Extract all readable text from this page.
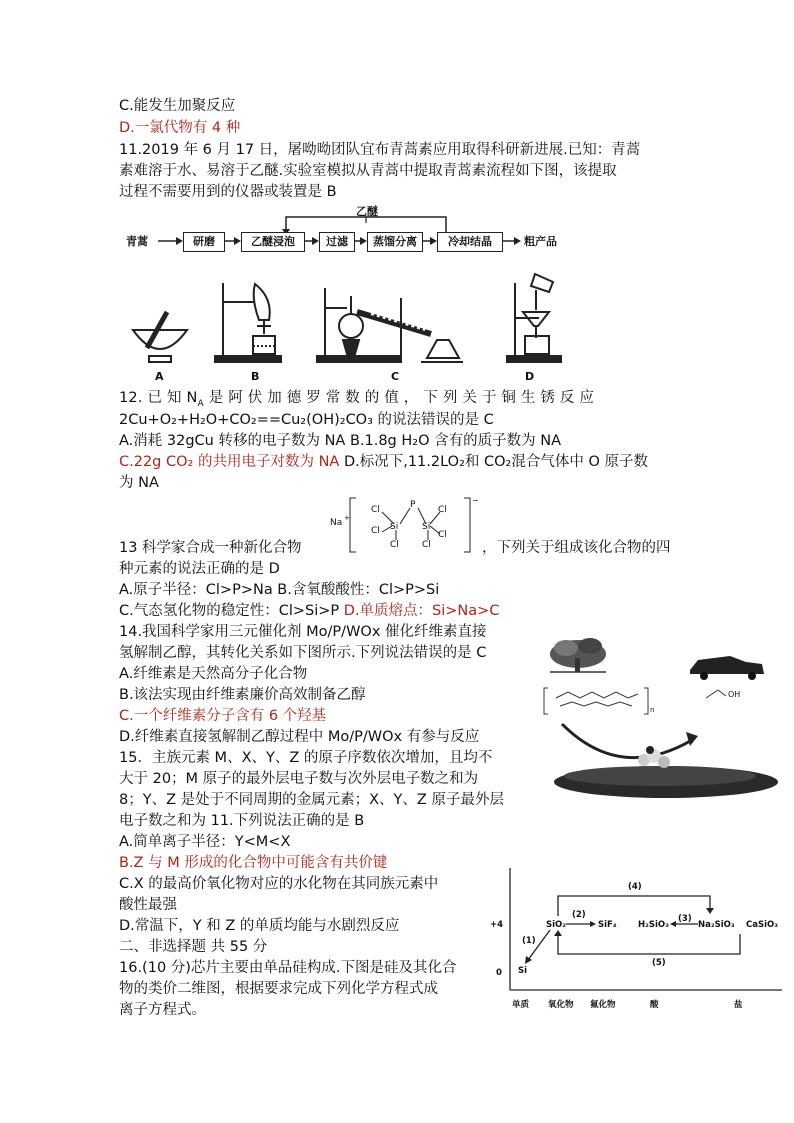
C.能发生加聚反应
D.一氯代物有 4 种
11.2019 年 6 月 17 日，屠呦呦团队宜布青蒿素应用取得科研新进展.已知：青蒿
素难溶于水、易溶于乙醚.实验室模拟从青蒿中提取青蒿素流程如下图，该提取
过程不需要用到的仪器或装置是 B
乙醚
青蒿	研磨	乙醚浸泡	过滤	蒸馏分离	冷却结晶	粗产品
A	B	C	D
12. 已 知 $N_A$ 是 阿 伏 加 德 罗 常 数 的 值 ， 下 列 关 于 铜 生 锈 反 应
2Cu+O₂+H₂O+CO₂==Cu₂(OH)₂CO₃ 的说法错误的是 C
A.消耗 32gCu 转移的电子数为 NA B.1.8g H₂O 含有的质子数为 NA
C.22g CO₂ 的共用电子对数为 NA D.标况下,11.2LO₂和 CO₂混合气体中 O 原子数
为 NA
Na +
Cl	P	Cl
Cl Si	Si
Cl
Cl	Cl
−
13 科学家合成一种新化合物	，下列关于组成该化合物的四
种元素的说法正确的是 D
A.原子半径：Cl>P>Na B.含氧酸酸性：Cl>P>Si
C.气态氢化物的稳定性：Cl>Si>P D.单质熔点：Si>Na>C
14.我国科学家用三元催化剂 Mo/P/WOx 催化纤维素直接
氢解制乙醇，其转化关系如下图所示.下列说法错误的是 C
A.纤维素是天然高分子化合物
B.该法实现由纤维素廉价高效制备乙醇
C.一个纤维素分子含有 6 个羟基
D.纤维素直接氢解制乙醇过程中 Mo/P/WOx 有参与反应
n
OH
15．主族元素 M、X、Y、Z 的原子序数依次增加，且均不
大于 20；M 原子的最外层电子数与次外层电子数之和为
8；Y、Z 是处于不同周期的金属元素；X、Y、Z 原子最外层
电子数之和为 11.下列说法正确的是 B
A.简单离子半径：Y<M<X
B.Z 与 M 形成的化合物中可能含有共价键
C.X 的最高价氧化物对应的水化物在其同族元素中
酸性最强
D.常温下，Y 和 Z 的单质均能与水剧烈反应
二、非选择题 共 55 分
16.(10 分)芯片主要由单品硅构成.下图是硅及其化合
物的类价二维图，根据要求完成下列化学方程式成
离子方程式。
+4
0
SiO₂	SiF₄	H₂SiO₃	Na₂SiO₃ CaSiO₃
Si
(1)
(2)	(3)
(4)
(5)
单质 氧化物 氟化物	酸	盐
